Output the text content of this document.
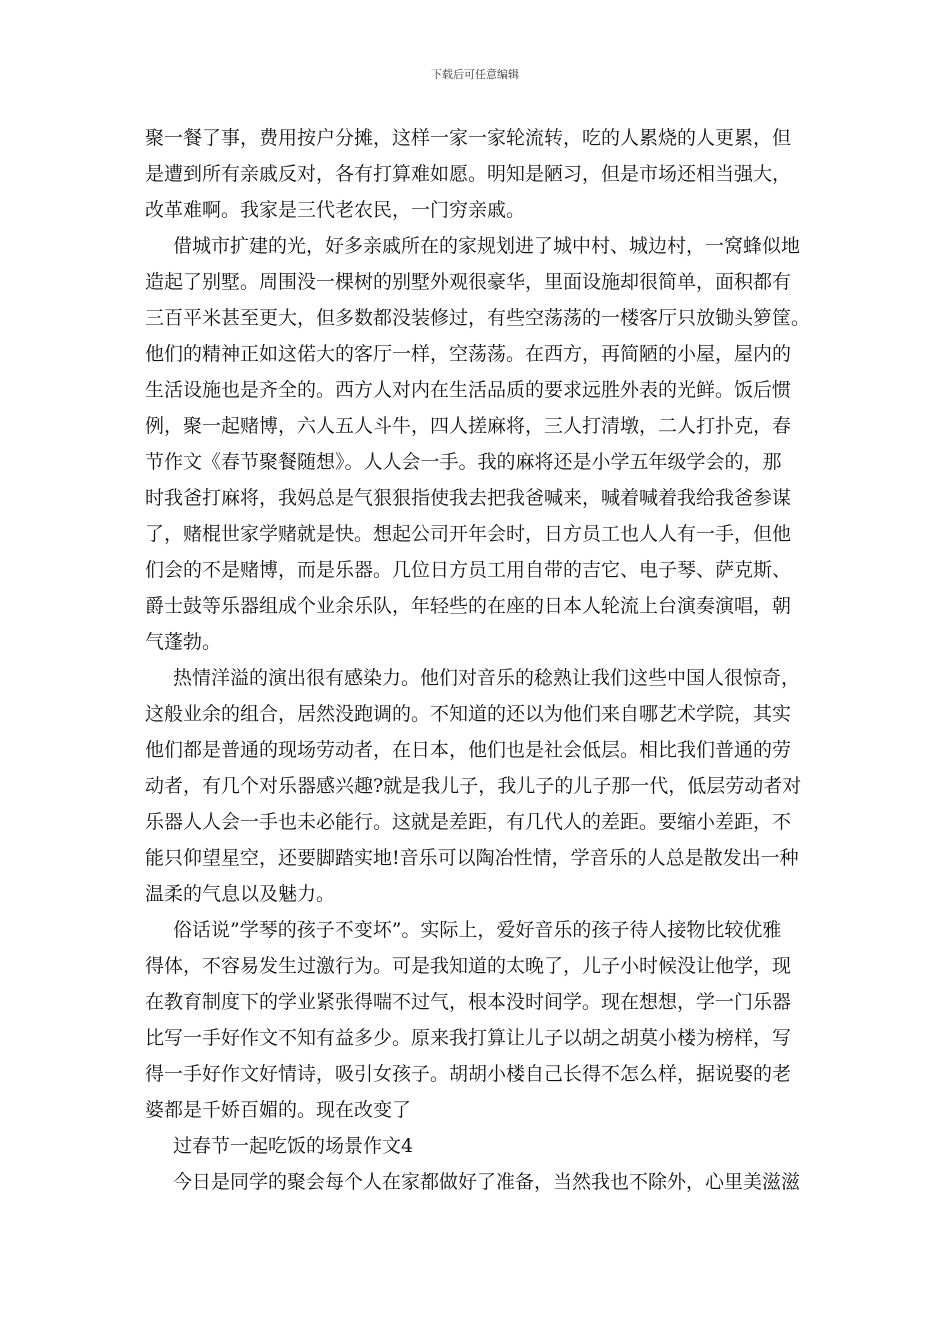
下载后可任意编辑
聚一餐了事，费用按户分摊，这样一家一家轮流转，吃的人累烧的人更累，但
是遭到所有亲戚反对，各有打算难如愿。明知是陋习，但是市场还相当强大，
改革难啊。我家是三代老农民，一门穷亲戚。
借城市扩建的光，好多亲戚所在的家规划进了城中村、城边村，一窝蜂似地
造起了别墅。周围没一棵树的别墅外观很豪华，里面设施却很简单，面积都有
三百平米甚至更大，但多数都没装修过，有些空荡荡的一楼客厅只放锄头箩筐。
他们的精神正如这偌大的客厅一样，空荡荡。在西方，再简陋的小屋，屋内的
生活设施也是齐全的。西方人对内在生活品质的要求远胜外表的光鲜。饭后惯
例，聚一起赌博，六人五人斗牛，四人搓麻将，三人打清墩，二人打扑克，春
节作文《春节聚餐随想》。人人会一手。我的麻将还是小学五年级学会的，那
时我爸打麻将，我妈总是气狠狠指使我去把我爸喊来，喊着喊着我给我爸参谋
了，赌棍世家学赌就是快。想起公司开年会时，日方员工也人人有一手，但他
们会的不是赌博，而是乐器。几位日方员工用自带的吉它、电子琴、萨克斯、
爵士鼓等乐器组成个业余乐队，年轻些的在座的日本人轮流上台演奏演唱，朝
气蓬勃。
热情洋溢的演出很有感染力。他们对音乐的稔熟让我们这些中国人很惊奇，
这般业余的组合，居然没跑调的。不知道的还以为他们来自哪艺术学院，其实
他们都是普通的现场劳动者，在日本，他们也是社会低层。相比我们普通的劳
动者，有几个对乐器感兴趣?就是我儿子，我儿子的儿子那一代，低层劳动者对
乐器人人会一手也未必能行。这就是差距，有几代人的差距。要缩小差距，不
能只仰望星空，还要脚踏实地!音乐可以陶冶性情，学音乐的人总是散发出一种
温柔的气息以及魅力。
俗话说”学琴的孩子不变坏”。实际上，爱好音乐的孩子待人接物比较优雅
得体，不容易发生过激行为。可是我知道的太晚了，儿子小时候没让他学，现
在教育制度下的学业紧张得喘不过气，根本没时间学。现在想想，学一门乐器
比写一手好作文不知有益多少。原来我打算让儿子以胡之胡莫小楼为榜样，写
得一手好作文好情诗，吸引女孩子。胡胡小楼自己长得不怎么样，据说娶的老
婆都是千娇百媚的。现在改变了
过春节一起吃饭的场景作文4
今日是同学的聚会每个人在家都做好了准备，当然我也不除外，心里美滋滋
